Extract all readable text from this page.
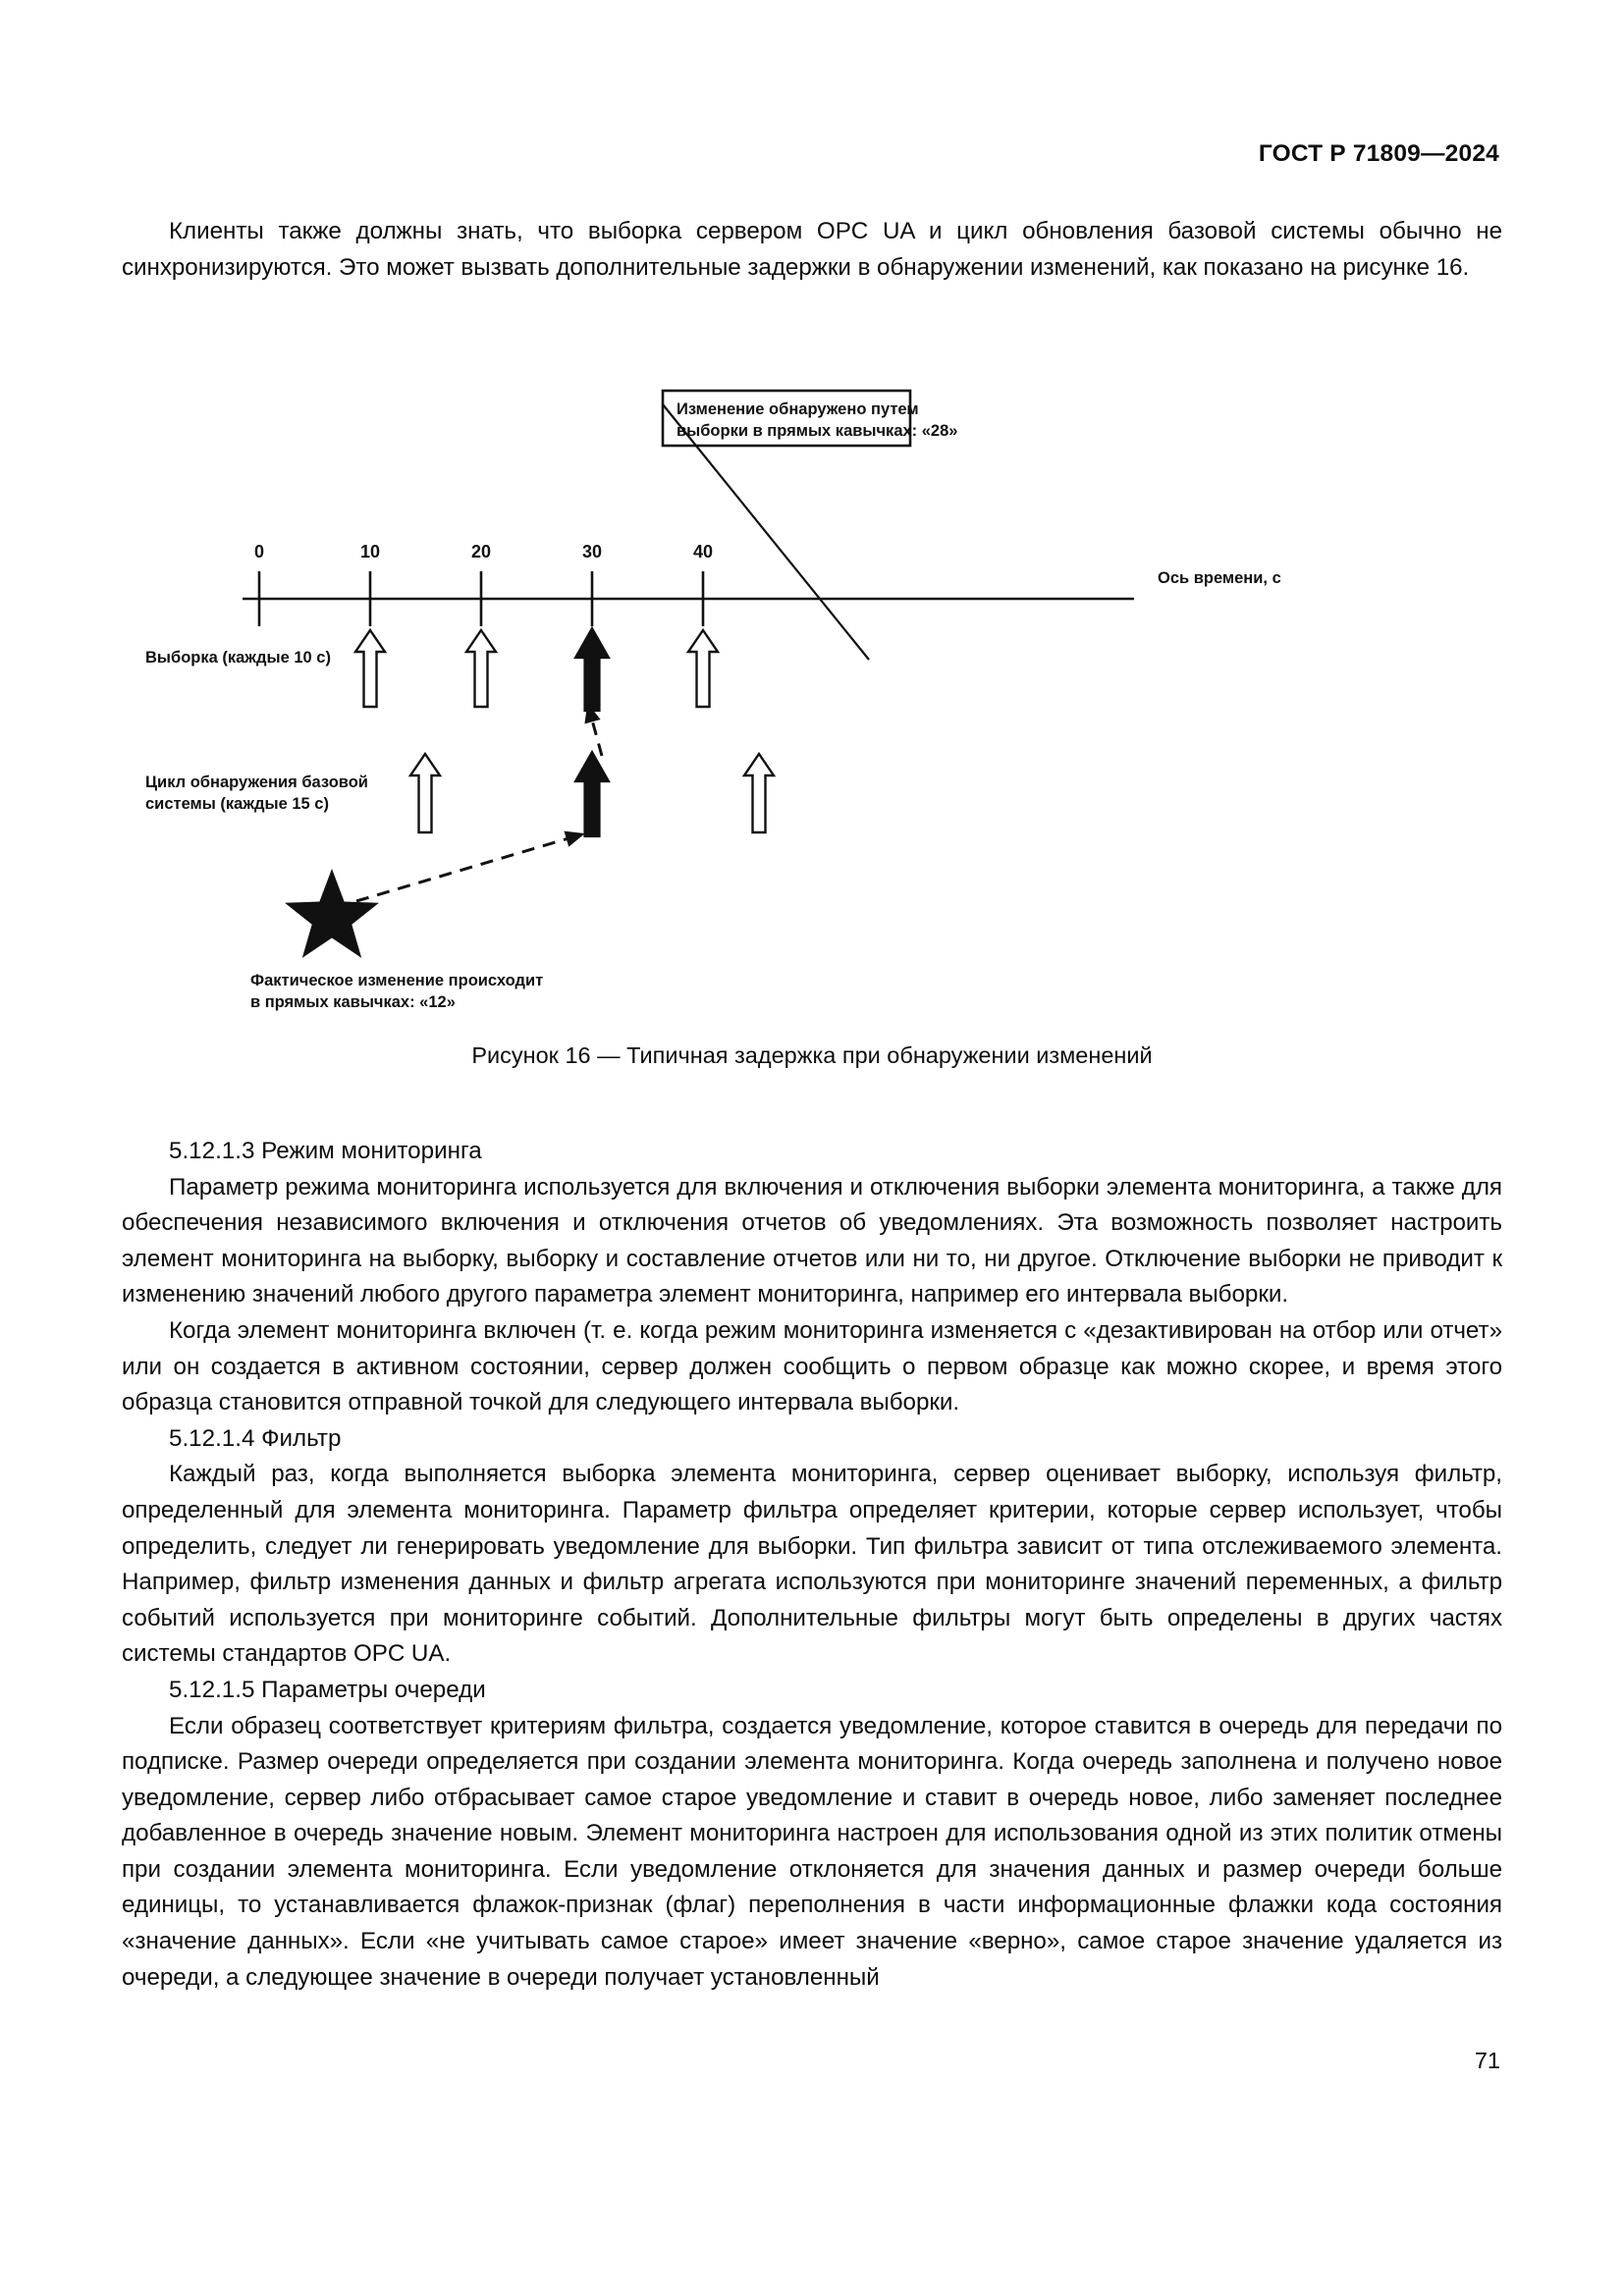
ГОСТ Р 71809—2024

Клиенты также должны знать, что выборка сервером OPC UA и цикл обновления базовой системы обычно не синхронизируются. Это может вызвать дополнительные задержки в обнаружении изменений, как показано на рисунке 16.

Изменение обнаружено путем
выборки в прямых кавычках: «28»
0	10	20	30	40
Ось времени, с
Выборка (каждые 10 с)
Цикл обнаружения базовой
системы (каждые 15 с)
Фактическое изменение происходит
в прямых кавычках: «12»
Рисунок 16 — Типичная задержка при обнаружении изменений

5.12.1.3 Режим мониторинга

Параметр режима мониторинга используется для включения и отключения выборки элемента мониторинга, а также для обеспечения независимого включения и отключения отчетов об уведомлениях. Эта возможность позволяет настроить элемент мониторинга на выборку, выборку и составление отчетов или ни то, ни другое. Отключение выборки не приводит к изменению значений любого другого параметра элемент мониторинга, например его интервала выборки.

Когда элемент мониторинга включен (т. е. когда режим мониторинга изменяется с «дезактивирован на отбор или отчет» или он создается в активном состоянии, сервер должен сообщить о первом образце как можно скорее, и время этого образца становится отправной точкой для следующего интервала выборки.

5.12.1.4 Фильтр

Каждый раз, когда выполняется выборка элемента мониторинга, сервер оценивает выборку, используя фильтр, определенный для элемента мониторинга. Параметр фильтра определяет критерии, которые сервер использует, чтобы определить, следует ли генерировать уведомление для выборки. Тип фильтра зависит от типа отслеживаемого элемента. Например, фильтр изменения данных и фильтр агрегата используются при мониторинге значений переменных, а фильтр событий используется при мониторинге событий. Дополнительные фильтры могут быть определены в других частях системы стандартов OPC UA.

5.12.1.5 Параметры очереди

Если образец соответствует критериям фильтра, создается уведомление, которое ставится в очередь для передачи по подписке. Размер очереди определяется при создании элемента мониторинга. Когда очередь заполнена и получено новое уведомление, сервер либо отбрасывает самое старое уведомление и ставит в очередь новое, либо заменяет последнее добавленное в очередь значение новым. Элемент мониторинга настроен для использования одной из этих политик отмены при создании элемента мониторинга. Если уведомление отклоняется для значения данных и размер очереди больше единицы, то устанавливается флажок-признак (флаг) переполнения в части информационные флажки кода состояния «значение данных». Если «не учитывать самое старое» имеет значение «верно», самое старое значение удаляется из очереди, а следующее значение в очереди получает установленный

71
